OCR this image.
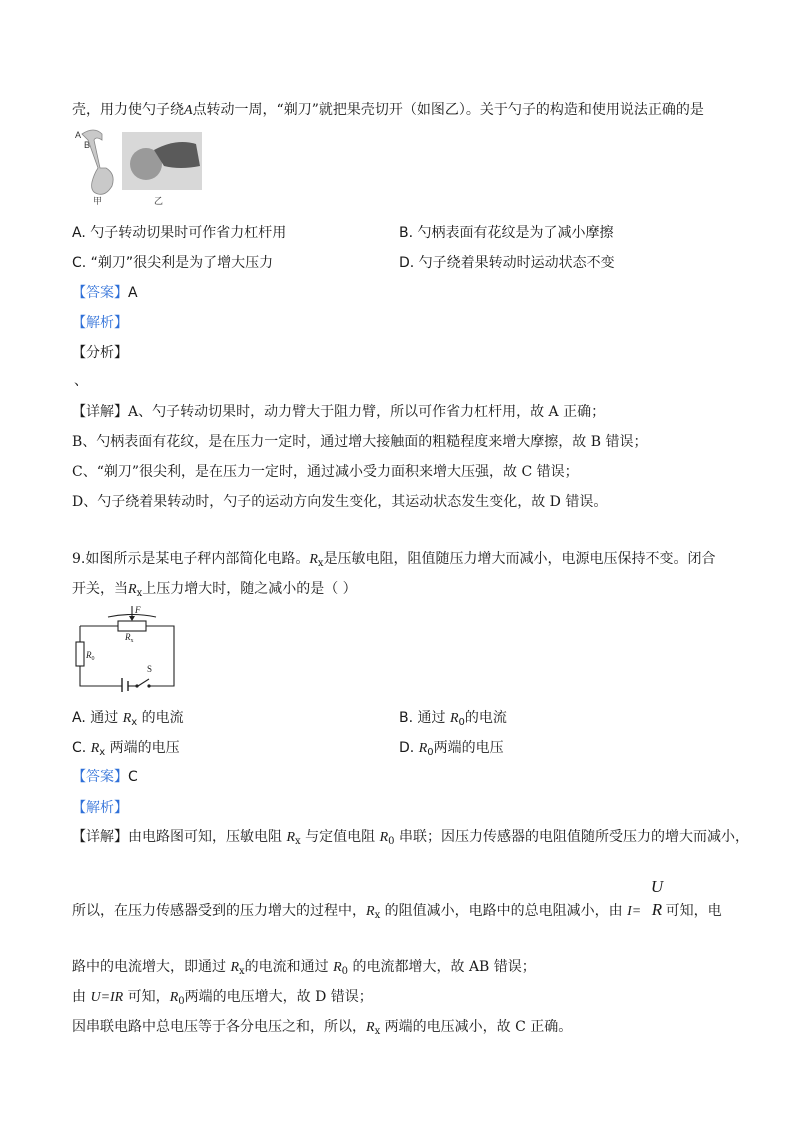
壳，用力使勺子绕A点转动一周，“剃刀”就把果壳切开（如图乙）。关于勺子的构造和使用说法正确的是
A
B
甲	乙
A. 勺子转动切果时可作省力杠杆用	B. 勺柄表面有花纹是为了减小摩擦
C. “剃刀”很尖利是为了增大压力	D. 勺子绕着果转动时运动状态不变
【答案】A
【解析】
【分析】
、
【详解】A、勺子转动切果时，动力臂大于阻力臂，所以可作省力杠杆用，故 A 正确；
B、勺柄表面有花纹，是在压力一定时，通过增大接触面的粗糙程度来增大摩擦，故 B 错误；
C、“剃刀”很尖利，是在压力一定时，通过减小受力面积来增大压强，故 C 错误；
D、勺子绕着果转动时，勺子的运动方向发生变化，其运动状态发生变化，故 D 错误。
9.如图所示是某电子秤内部简化电路。$R_x$是压敏电阻，阻值随压力增大而减小，电源电压保持不变。闭合
开关，当$R_x$上压力增大时，随之减小的是（ ）
F
$R_x$
$R_0$
S
A. 通过 $R_x$ 的电流	B. 通过 $R_0$的电流
C. $R_x$ 两端的电压	D. $R_0$两端的电压
【答案】C
【解析】
【详解】由电路图可知，压敏电阻 $R_x$ 与定值电阻 $R_0$ 串联；因压力传感器的电阻值随所受压力的增大而减小，
所以，在压力传感器受到的压力增大的过程中，$R_x$ 的阻值减小，电路中的总电阻减小，由 I= 可知，电
U
R
路中的电流增大，即通过 $R_x$的电流和通过 $R_0$ 的电流都增大，故 AB 错误；
由 U=IR 可知，$R_0$两端的电压增大，故 D 错误；
因串联电路中总电压等于各分电压之和，所以，$R_x$ 两端的电压减小，故 C 正确。
